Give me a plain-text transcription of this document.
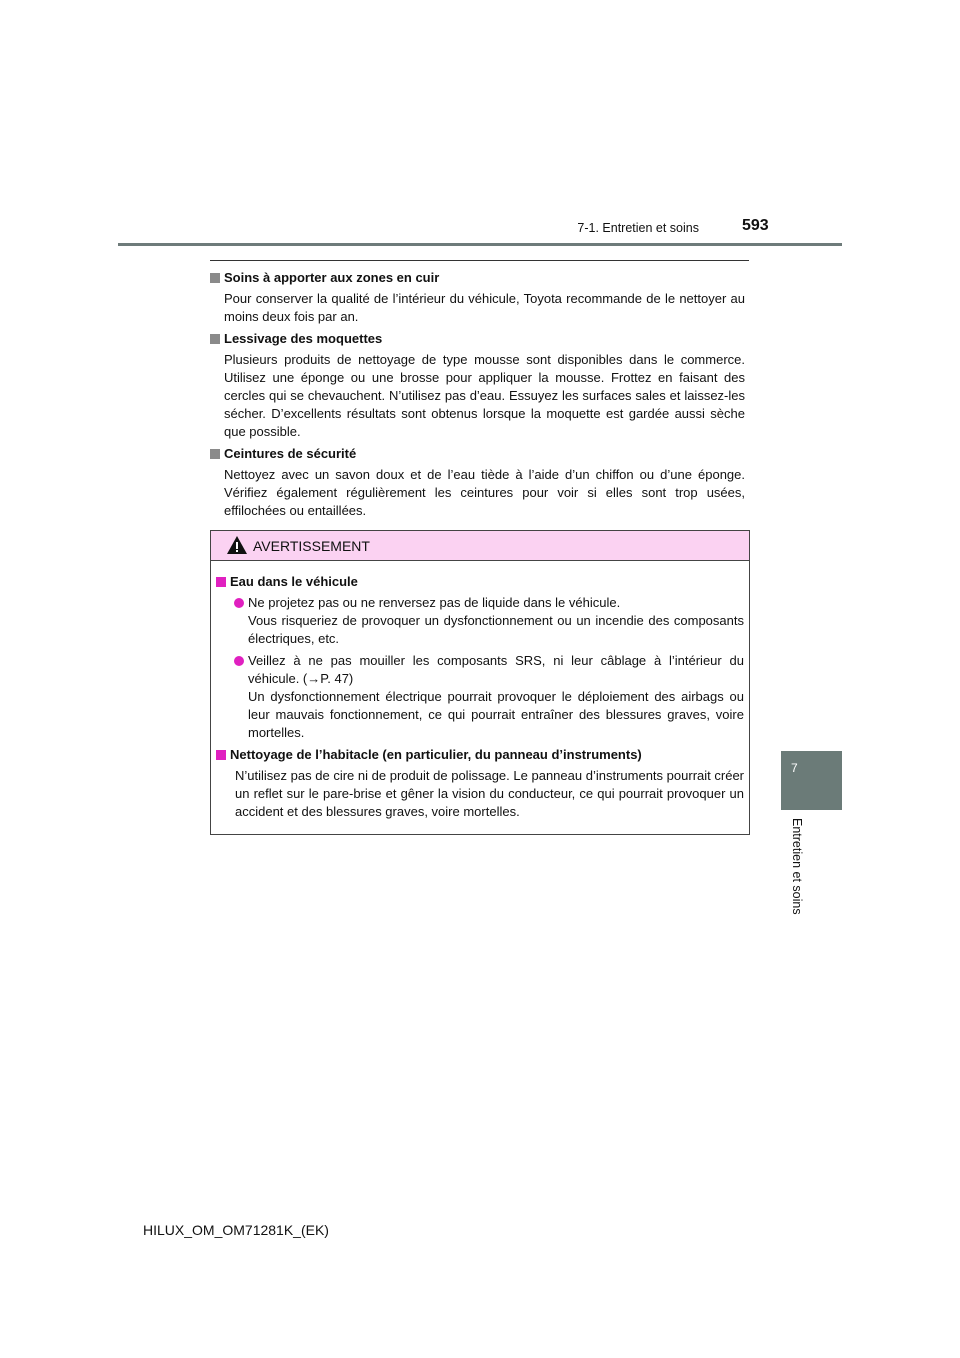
7-1. Entretien et soins	593
7
Entretien et soins
Soins à apporter aux zones en cuir
Pour conserver la qualité de l’intérieur du véhicule, Toyota recommande de le nettoyer au moins deux fois par an.
Lessivage des moquettes
Plusieurs produits de nettoyage de type mousse sont disponibles dans le commerce. Utilisez une éponge ou une brosse pour appliquer la mousse. Frottez en faisant des cercles qui se chevauchent. N’utilisez pas d’eau. Essuyez les surfaces sales et laissez-les sécher. D’excellents résultats sont obtenus lorsque la moquette est gardée aussi sèche que possible.
Ceintures de sécurité
Nettoyez avec un savon doux et de l’eau tiède à l’aide d’un chiffon ou d’une éponge. Vérifiez également régulièrement les ceintures pour voir si elles sont trop usées, effilochées ou entaillées.
AVERTISSEMENT
Eau dans le véhicule
Ne projetez pas ou ne renversez pas de liquide dans le véhicule.
Vous risqueriez de provoquer un dysfonctionnement ou un incendie des composants électriques, etc.
Veillez à ne pas mouiller les composants SRS, ni leur câblage à l’intérieur du véhicule. (→P. 47)
Un dysfonctionnement électrique pourrait provoquer le déploiement des airbags ou leur mauvais fonctionnement, ce qui pourrait entraîner des blessures graves, voire mortelles.
Nettoyage de l’habitacle (en particulier, du panneau d’instruments)
N’utilisez pas de cire ni de produit de polissage. Le panneau d’instruments pourrait créer un reflet sur le pare-brise et gêner la vision du conducteur, ce qui pourrait provoquer un accident et des blessures graves, voire mortelles.
HILUX_OM_OM71281K_(EK)
